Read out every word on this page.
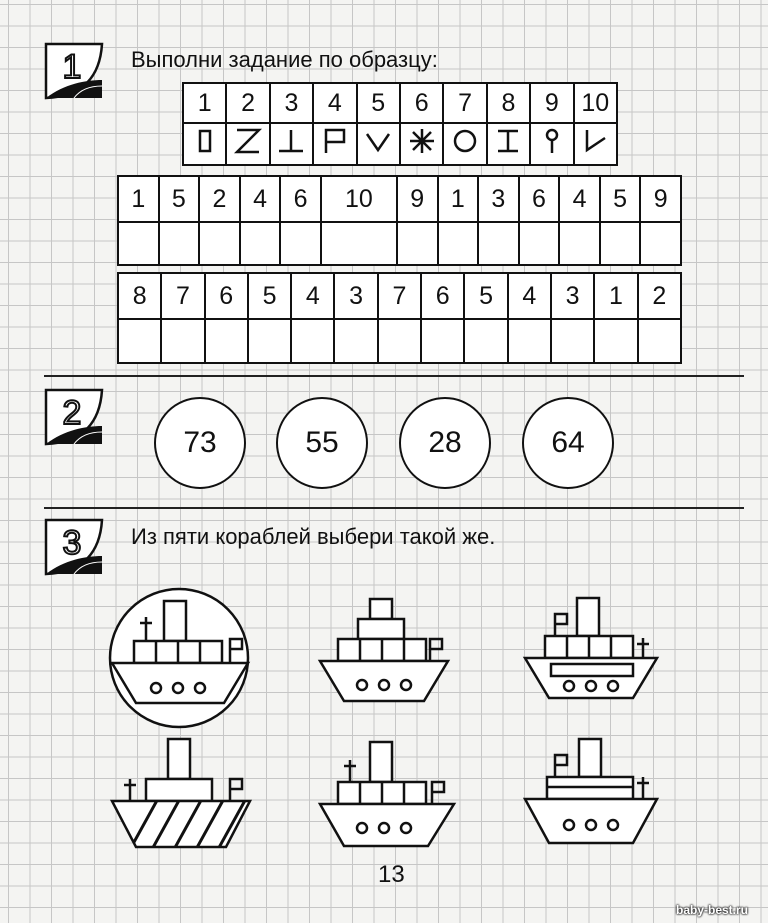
1 Выполни задание по образцу:
1	2	3	4	5	6	7	8	9	10

1	5	2	4	6	10	9	1	3	6	4	5	9

8	7	6	5	4	3	7	6	5	4	3	1	2

2
73	55	28	64
3 Из пяти кораблей выбери такой же.
13
baby-best.ru
